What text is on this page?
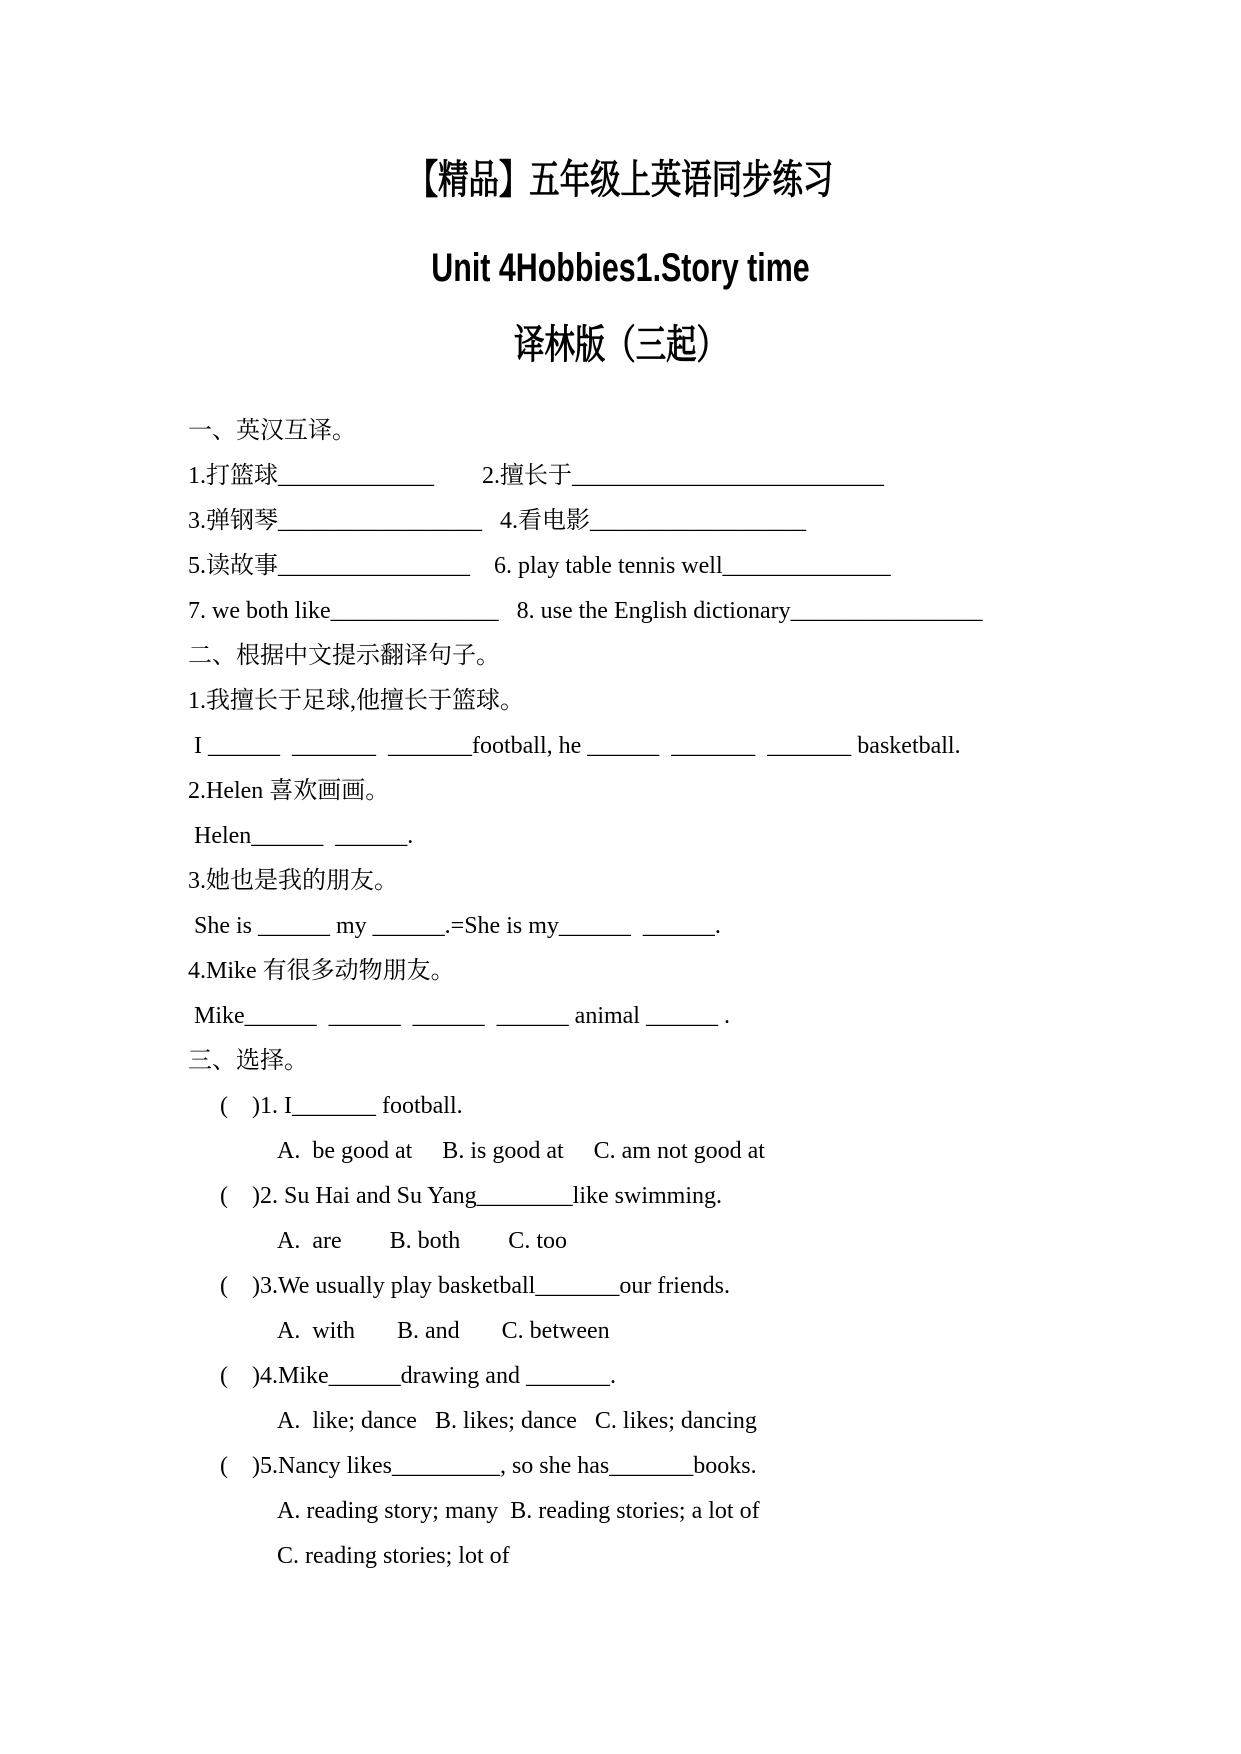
【精品】五年级上英语同步练习
Unit 4Hobbies1.Story time
译林版（三起）
一、英汉互译。
1.打篮球_____________        2.擅长于__________________________
3.弹钢琴_________________   4.看电影__________________
5.读故事________________    6. play table tennis well______________
7. we both like______________   8. use the English dictionary________________
二、根据中文提示翻译句子。
1.我擅长于足球,他擅长于篮球。
I ______  _______  _______football, he ______  _______  _______ basketball.
2.Helen 喜欢画画。
Helen______  ______.
3.她也是我的朋友。
She is ______ my ______.=She is my______  ______.
4.Mike 有很多动物朋友。
Mike______  ______  ______  ______ animal ______ .
三、选择。
(    )1. I_______ football.
A.  be good at     B. is good at     C. am not good at
(    )2. Su Hai and Su Yang________like swimming.
A.  are        B. both        C. too
(    )3.We usually play basketball_______our friends.
A.  with       B. and       C. between
(    )4.Mike______drawing and _______.
A.  like; dance   B. likes; dance   C. likes; dancing
(    )5.Nancy likes_________, so she has_______books.
A. reading story; many  B. reading stories; a lot of
C. reading stories; lot of
